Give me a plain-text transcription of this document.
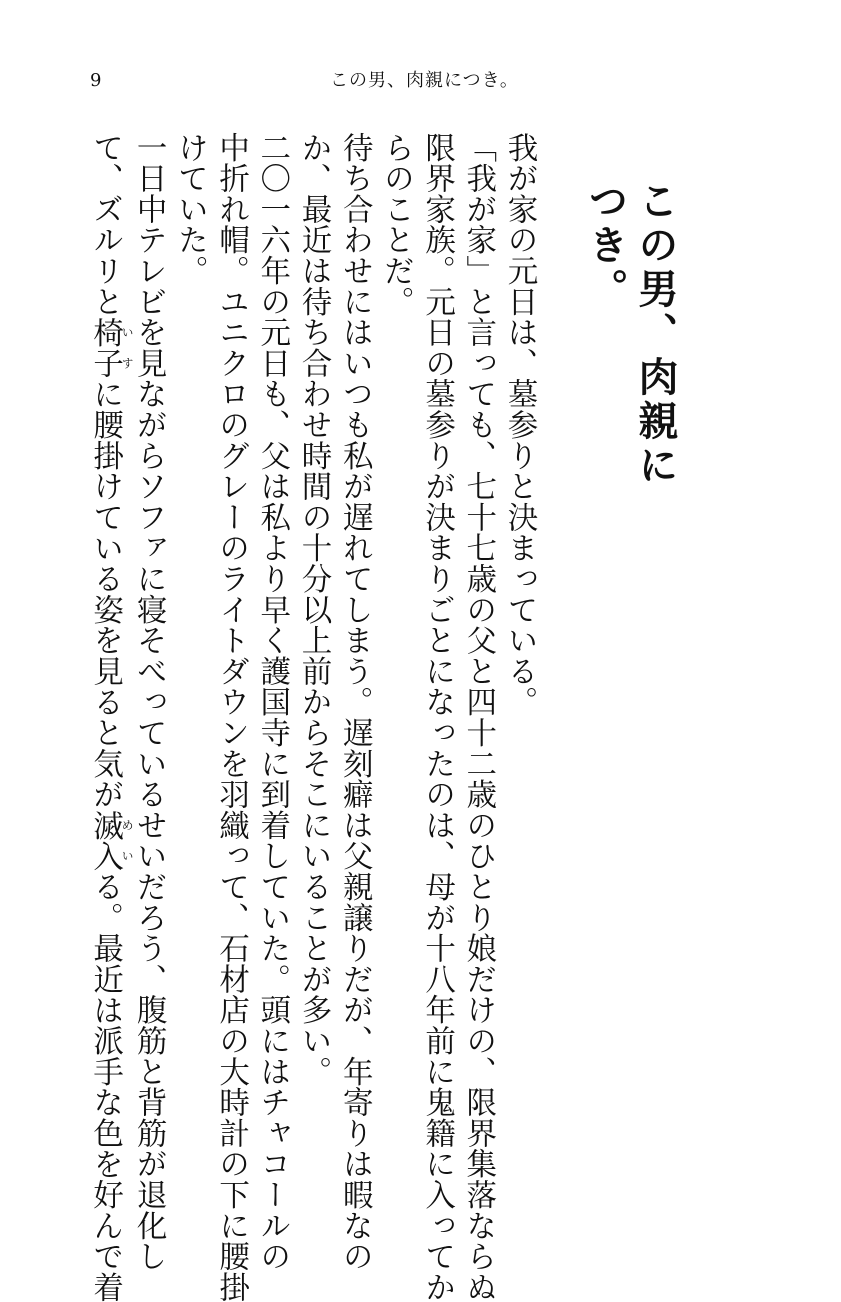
9	この男、肉親につき。
この男、肉親につき。

我が家の元日は、墓参りと決まっている。

「我が家」と言っても、七十七歳の父と四十二歳のひとり娘だけの、限界集落ならぬ
限界家族。元日の墓参りが決まりごとになったのは、母が十八年前に鬼籍に入ってか
らのことだ。

待ち合わせにはいつも私が遅れてしまう。遅刻癖は父親譲りだが、年寄りは暇なの
か、最近は待ち合わせ時間の十分以上前からそこにいることが多い。

二〇一六年の元日も、父は私より早く護国寺に到着していた。頭にはチャコールの
中折れ帽。ユニクロのグレーのライトダウンを羽織って、石材店の大時計の下に腰掛
けていた。

一日中テレビを見ながらソファに寝そべっているせいだろう、腹筋と背筋が退化し
て、ズルリと椅子いすに腰掛けている姿を見ると気が滅入めいる。最近は派手な色を好んで着
